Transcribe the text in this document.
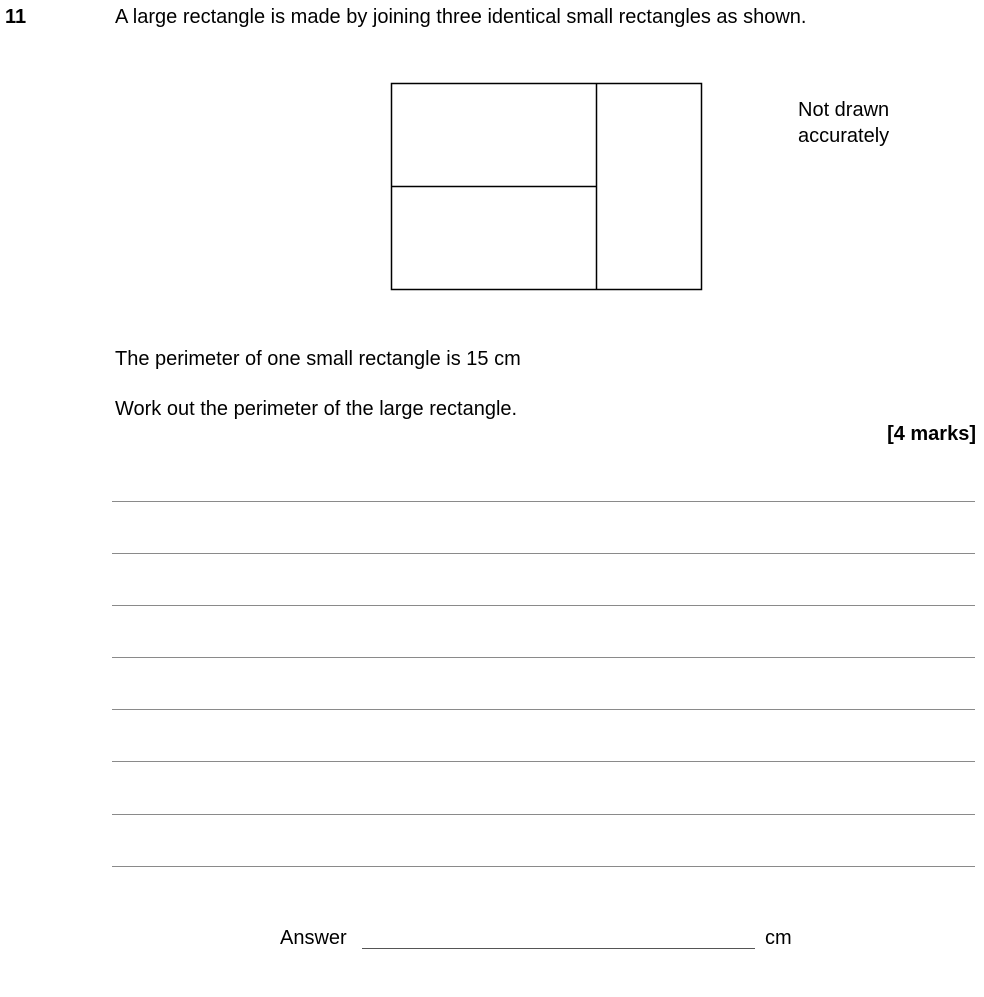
11	A large rectangle is made by joining three identical small rectangles as shown.
Not drawn
accurately
The perimeter of one small rectangle is 15 cm
Work out the perimeter of the large rectangle.
[4 marks]
Answer	cm
